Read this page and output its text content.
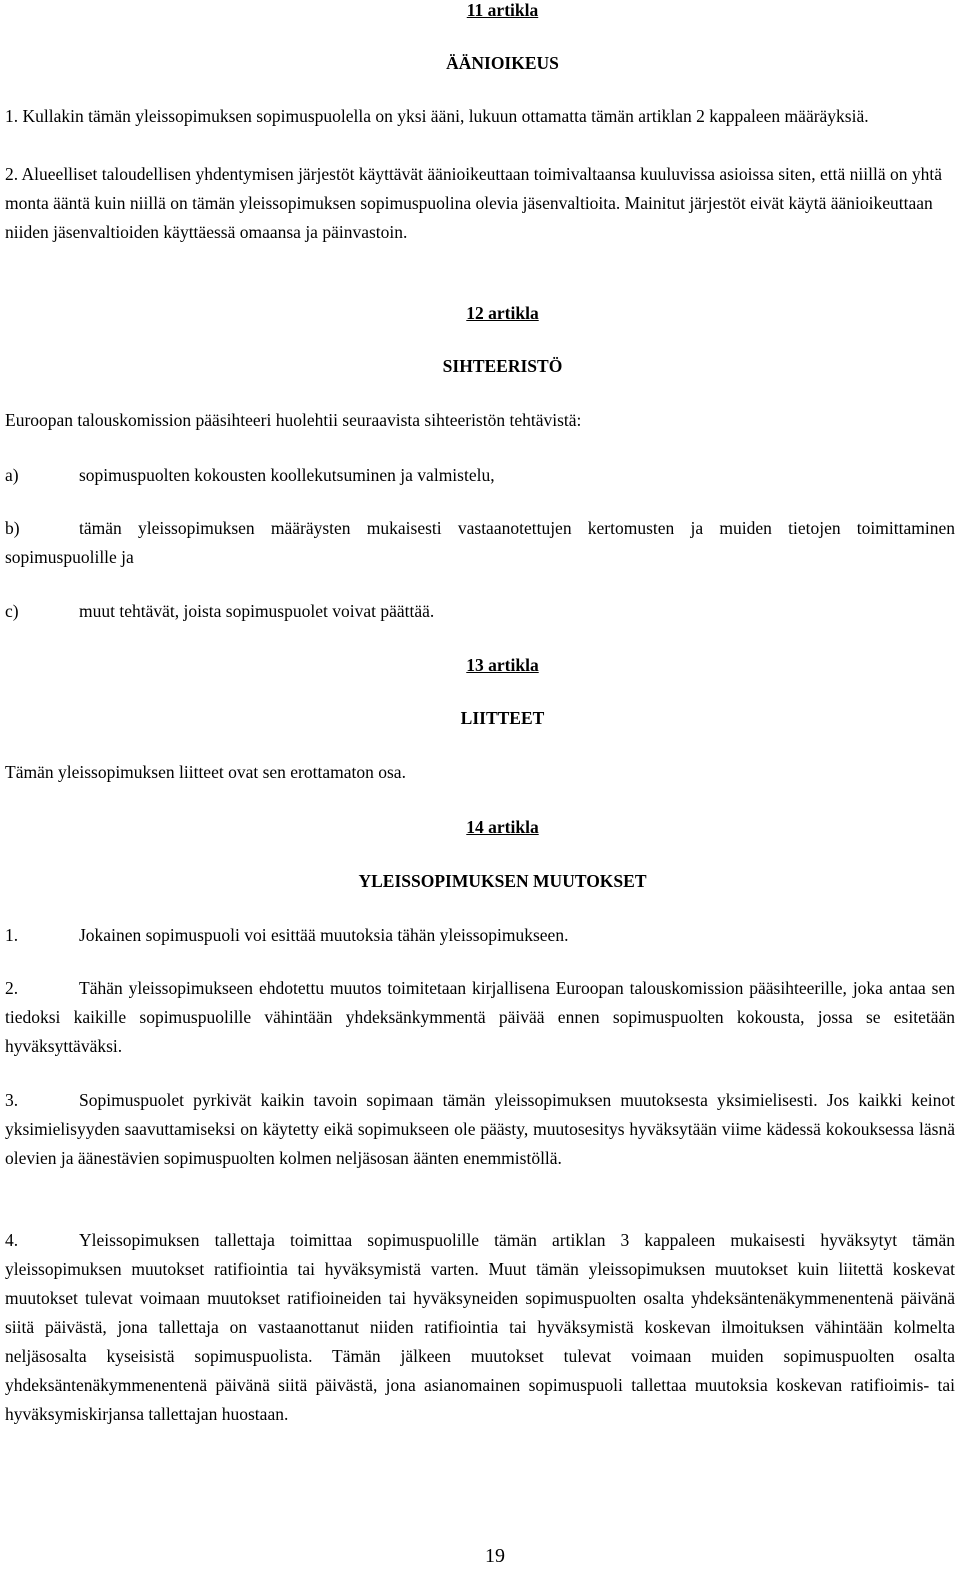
11 artikla
ÄÄNIOIKEUS
1. Kullakin tämän yleissopimuksen sopimuspuolella on yksi ääni, lukuun ottamatta tämän artiklan 2 kappaleen määräyksiä.
2. Alueelliset taloudellisen yhdentymisen järjestöt käyttävät äänioikeuttaan toimivaltaansa kuuluvissa asioissa siten, että niillä on yhtä monta ääntä kuin niillä on tämän yleissopimuksen sopimuspuolina olevia jäsenvaltioita. Mainitut järjestöt eivät käytä äänioikeuttaan niiden jäsenvaltioiden käyttäessä omaansa ja päinvastoin.
12 artikla
SIHTEERISTÖ
Euroopan talouskomission pääsihteeri huolehtii seuraavista sihteeristön tehtävistä:
a)	sopimuspuolten kokousten koollekutsuminen ja valmistelu,
b)	tämän yleissopimuksen määräysten mukaisesti vastaanotettujen kertomusten ja muiden tietojen toimittaminen sopimuspuolille ja
c)	muut tehtävät, joista sopimuspuolet voivat päättää.
13 artikla
LIITTEET
Tämän yleissopimuksen liitteet ovat sen erottamaton osa.
14 artikla
YLEISSOPIMUKSEN MUUTOKSET
1.	Jokainen sopimuspuoli voi esittää muutoksia tähän yleissopimukseen.
2.	Tähän yleissopimukseen ehdotettu muutos toimitetaan kirjallisena Euroopan talouskomission pääsihteerille, joka antaa sen tiedoksi kaikille sopimuspuolille vähintään yhdeksänkymmentä päivää ennen sopimuspuolten kokousta, jossa se esitetään hyväksyttäväksi.
3.	Sopimuspuolet pyrkivät kaikin tavoin sopimaan tämän yleissopimuksen muutoksesta yksimielisesti. Jos kaikki keinot yksimielisyyden saavuttamiseksi on käytetty eikä sopimukseen ole päästy, muutosesitys hyväksytään viime kädessä kokouksessa läsnä olevien ja äänestävien sopimuspuolten kolmen neljäsosan äänten enemmistöllä.
4.	Yleissopimuksen tallettaja toimittaa sopimuspuolille tämän artiklan 3 kappaleen mukaisesti hyväksytyt tämän yleissopimuksen muutokset ratifiointia tai hyväksymistä varten. Muut tämän yleissopimuksen muutokset kuin liitettä koskevat muutokset tulevat voimaan muutokset ratifioineiden tai hyväksyneiden sopimuspuolten osalta yhdeksäntenäkymmenentenä päivänä siitä päivästä, jona tallettaja on vastaanottanut niiden ratifiointia tai hyväksymistä koskevan ilmoituksen vähintään kolmelta neljäsosalta kyseisistä sopimuspuolista. Tämän jälkeen muutokset tulevat voimaan muiden sopimuspuolten osalta yhdeksäntenäkymmenentenä päivänä siitä päivästä, jona asianomainen sopimuspuoli tallettaa muutoksia koskevan ratifioimis- tai hyväksymiskirjansa tallettajan huostaan.
19
